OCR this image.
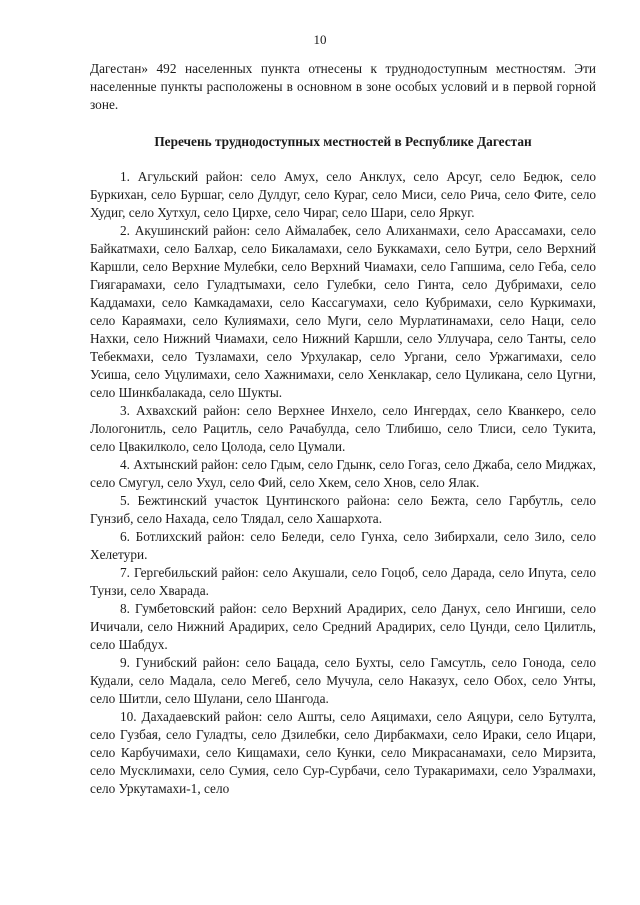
10

Дагестан» 492 населенных пункта отнесены к труднодоступным местностям. Эти населенные пункты расположены в основном в зоне особых условий и в первой горной зоне.

Перечень труднодоступных местностей в Республике Дагестан

1. Агульский район: село Амух, село Анклух, село Арсуг, село Бедюк, село Буркихан, село Буршаг, село Дулдуг, село Кураг, село Миси, село Рича, село Фите, село Худиг, село Хутхул, село Цирхе, село Чираг, село Шари, село Яркуг.

2. Акушинский район: село Аймалабек, село Алиханмахи, село Арассамахи, село Байкатмахи, село Балхар, село Бикаламахи, село Буккамахи, село Бутри, село Верхний Каршли, село Верхние Мулебки, село Верхний Чиамахи, село Гапшима, село Геба, село Гиягарамахи, село Гуладтымахи, село Гулебки, село Гинта, село Дубримахи, село Каддамахи, село Камкадамахи, село Кассагумахи, село Кубримахи, село Куркимахи, село Караямахи, село Кулиямахи, село Муги, село Мурлатинамахи, село Наци, село Нахки, село Нижний Чиамахи, село Нижний Каршли, село Уллучара, село Танты, село Тебекмахи, село Тузламахи, село Урхулакар, село Ургани, село Уржагимахи, село Усиша, село Уцулимахи, село Хажнимахи, село Хенклакар, село Цуликана, село Цугни, село Шинкбалакада, село Шукты.

3. Ахвахский район: село Верхнее Инхело, село Ингердах, село Кванкеро, село Лологонитль, село Рацитль, село Рачабулда, село Тлибишо, село Тлиси, село Тукита, село Цвакилколо, село Цолода, село Цумали.

4. Ахтынский район: село Гдым, село Гдынк, село Гогаз, село Джаба, село Миджах, село Смугул, село Ухул, село Фий, село Хкем, село Хнов, село Ялак.

5. Бежтинский участок Цунтинского района: село Бежта, село Гарбутль, село Гунзиб, село Нахада, село Тлядал, село Хашархота.

6. Ботлихский район: село Беледи, село Гунха, село Зибирхали, село Зило, село Хелетури.

7. Гергебильский район: село Акушали, село Гоцоб, село Дарада, село Ипута, село Тунзи, село Хварада.

8. Гумбетовский район: село Верхний Арадирих, село Данух, село Ингиши, село Ичичали, село Нижний Арадирих, село Средний Арадирих, село Цунди, село Цилитль, село Шабдух.

9. Гунибский район: село Бацада, село Бухты, село Гамсутль, село Гонода, село Кудали, село Мадала, село Мегеб, село Мучула, село Наказух, село Обох, село Унты, село Шитли, село Шулани, село Шангода.

10. Дахадаевский район: село Ашты, село Аяцимахи, село Аяцури, село Бутулта, село Гузбая, село Гуладты, село Дзилебки, село Дирбакмахи, село Ираки, село Ицари, село Карбучимахи, село Кищамахи, село Кунки, село Микрасанамахи, село Мирзита, село Мусклимахи, село Сумия, село Сур-Сурбачи, село Туракаримахи, село Узралмахи, село Уркутамахи-1, село
